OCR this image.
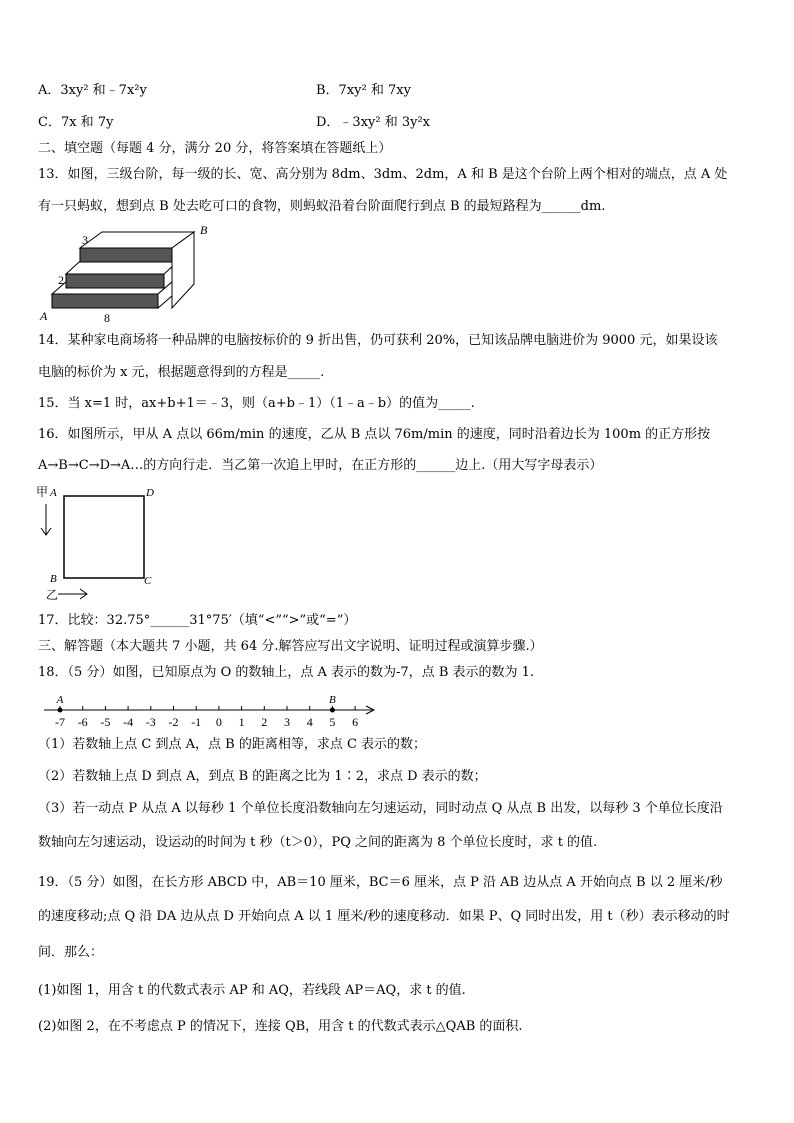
A．3xy² 和﹣7x²y	B．7xy² 和 7xy
C．7x 和 7y	D．﹣3xy² 和 3y²x
二、填空题（每题 4 分，满分 20 分，将答案填在答题纸上）
13．如图，三级台阶，每一级的长、宽、高分别为 8dm、3dm、2dm，A 和 B 是这个台阶上两个相对的端点，点 A 处
有一只蚂蚁，想到点 B 处去吃可口的食物，则蚂蚁沿着台阶面爬行到点 B 的最短路程为______dm.
3
2
8
A
B
14．某种家电商场将一种品牌的电脑按标价的 9 折出售，仍可获利 20%，已知该品牌电脑进价为 9000 元，如果设该
电脑的标价为 x 元，根据题意得到的方程是_____.
15．当 x=1 时，ax+b+1＝﹣3，则（a+b﹣1）（1﹣a﹣b）的值为_____.
16．如图所示，甲从 A 点以 66m/min 的速度，乙从 B 点以 76m/min 的速度，同时沿着边长为 100m 的正方形按
A→B→C→D→A…的方向行走．当乙第一次追上甲时，在正方形的______边上.（用大写字母表示）
甲 A	D
B	C
乙
17．比较：32.75°______31°75′（填“<”“>”或“=”）
三、解答题（本大题共 7 小题，共 64 分.解答应写出文字说明、证明过程或演算步骤.）
18．（5 分）如图，已知原点为 O 的数轴上，点 A 表示的数为-7，点 B 表示的数为 1.
-7 -6 -5 -4 -3 -2 -1 0 1 2 3 4 5 6
A	B
（1）若数轴上点 C 到点 A，点 B 的距离相等，求点 C 表示的数；
（2）若数轴上点 D 到点 A，到点 B 的距离之比为 1∶2，求点 D 表示的数；
（3）若一动点 P 从点 A 以每秒 1 个单位长度沿数轴向左匀速运动，同时动点 Q 从点 B 出发，以每秒 3 个单位长度沿
数轴向左匀速运动，设运动的时间为 t 秒（t＞0），PQ 之间的距离为 8 个单位长度时，求 t 的值.
19．（5 分）如图，在长方形 ABCD 中，AB＝10 厘米，BC＝6 厘米，点 P 沿 AB 边从点 A 开始向点 B 以 2 厘米/秒
的速度移动;点 Q 沿 DA 边从点 D 开始向点 A 以 1 厘米/秒的速度移动．如果 P、Q 同时出发，用 t（秒）表示移动的时
间．那么：
(1)如图 1，用含 t 的代数式表示 AP 和 AQ，若线段 AP＝AQ，求 t 的值.
(2)如图 2，在不考虑点 P 的情况下，连接 QB，用含 t 的代数式表示△QAB 的面积.
